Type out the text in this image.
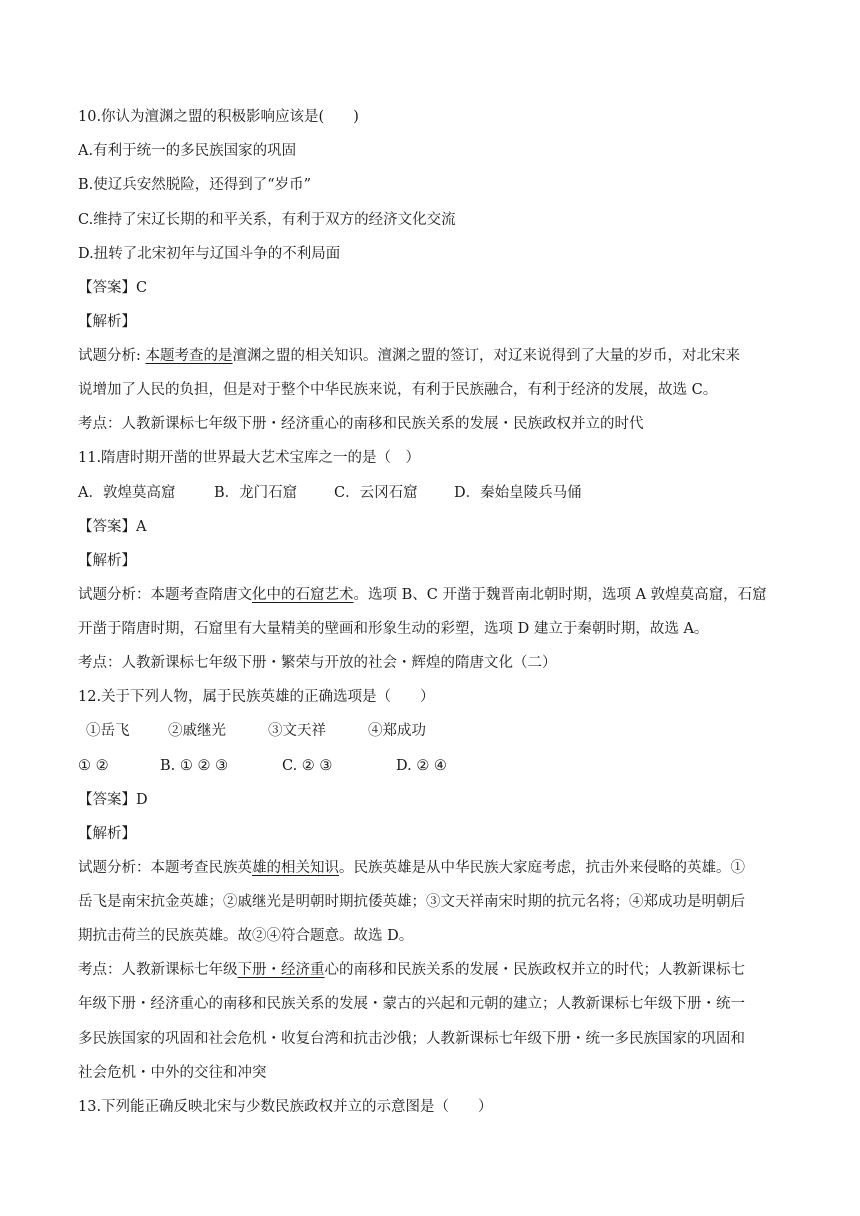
10.你认为澶渊之盟的积极影响应该是(　　)
A.有利于统一的多民族国家的巩固
B.使辽兵安然脱险，还得到了“岁币”
C.维持了宋辽长期的和平关系，有利于双方的经济文化交流
D.扭转了北宋初年与辽国斗争的不利局面
【答案】C
【解析】
试题分析: 本题考查的是澶渊之盟的相关知识。澶渊之盟的签订，对辽来说得到了大量的岁币，对北宋来
说增加了人民的负担，但是对于整个中华民族来说，有利于民族融合，有利于经济的发展，故选 C。
考点：人教新课标七年级下册・经济重心的南移和民族关系的发展・民族政权并立的时代
11.隋唐时期开凿的世界最大艺术宝库之一的是（　）
A．敦煌莫高窟	B．龙门石窟	C．云冈石窟	D．秦始皇陵兵马俑
【答案】A
【解析】
试题分析：本题考查隋唐文化中的石窟艺术。选项 B、C 开凿于魏晋南北朝时期，选项 A 敦煌莫高窟，石窟
开凿于隋唐时期，石窟里有大量精美的壁画和形象生动的彩塑，选项 D 建立于秦朝时期，故选 A。
考点：人教新课标七年级下册・繁荣与开放的社会・辉煌的隋唐文化（二）
12.关于下列人物，属于民族英雄的正确选项是（　　）
①岳飞	②戚继光	③文天祥	④郑成功
① ②	B. ① ② ③	C. ② ③	D. ② ④
【答案】D
【解析】
试题分析：本题考查民族英雄的相关知识。民族英雄是从中华民族大家庭考虑，抗击外来侵略的英雄。①
岳飞是南宋抗金英雄；②戚继光是明朝时期抗倭英雄；③文天祥南宋时期的抗元名将；④郑成功是明朝后
期抗击荷兰的民族英雄。故②④符合题意。故选 D。
考点：人教新课标七年级下册・经济重心的南移和民族关系的发展・民族政权并立的时代；人教新课标七
年级下册・经济重心的南移和民族关系的发展・蒙古的兴起和元朝的建立；人教新课标七年级下册・统一
多民族国家的巩固和社会危机・收复台湾和抗击沙俄；人教新课标七年级下册・统一多民族国家的巩固和
社会危机・中外的交往和冲突
13.下列能正确反映北宋与少数民族政权并立的示意图是（　　）
